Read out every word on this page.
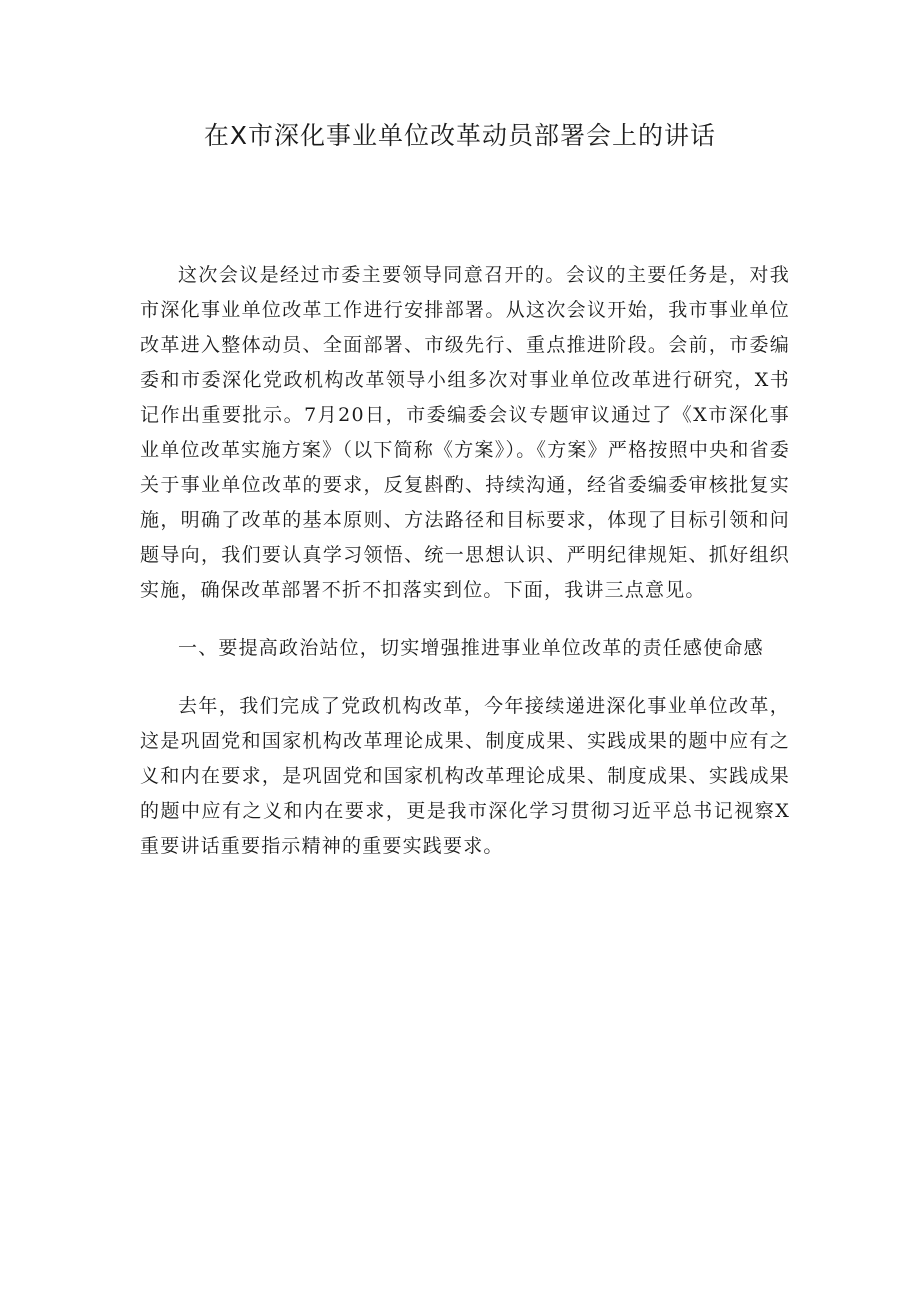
在X市深化事业单位改革动员部署会上的讲话

这次会议是经过市委主要领导同意召开的。会议的主要任务是，对我市深化事业单位改革工作进行安排部署。从这次会议开始，我市事业单位改革进入整体动员、全面部署、市级先行、重点推进阶段。会前，市委编委和市委深化党政机构改革领导小组多次对事业单位改革进行研究，X书记作出重要批示。7月20日，市委编委会议专题审议通过了《X市深化事业单位改革实施方案》（以下简称《方案》）。《方案》严格按照中央和省委关于事业单位改革的要求，反复斟酌、持续沟通，经省委编委审核批复实施，明确了改革的基本原则、方法路径和目标要求，体现了目标引领和问题导向，我们要认真学习领悟、统一思想认识、严明纪律规矩、抓好组织实施，确保改革部署不折不扣落实到位。下面，我讲三点意见。

一、要提高政治站位，切实增强推进事业单位改革的责任感使命感

去年，我们完成了党政机构改革，今年接续递进深化事业单位改革，这是巩固党和国家机构改革理论成果、制度成果、实践成果的题中应有之义和内在要求，是巩固党和国家机构改革理论成果、制度成果、实践成果的题中应有之义和内在要求，更是我市深化学习贯彻习近平总书记视察X重要讲话重要指示精神的重要实践要求。
